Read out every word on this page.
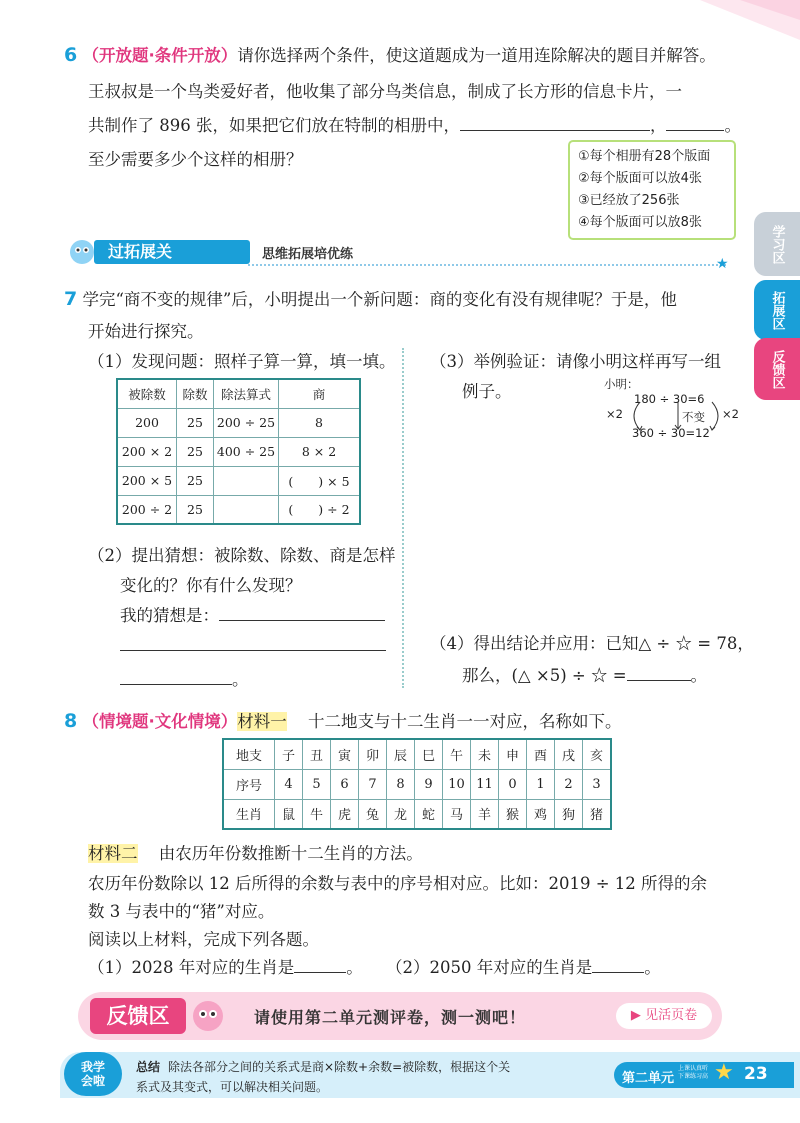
学习区
拓展区
反馈区
6 （开放题·条件开放）请你选择两个条件，使这道题成为一道用连除解决的题目并解答。
王叔叔是一个鸟类爱好者，他收集了部分鸟类信息，制成了长方形的信息卡片，一
共制作了 896 张，如果把它们放在特制的相册中，	，	。
至少需要多少个这样的相册？	①每个相册有28个版面
②每个版面可以放4张
③已经放了256张
④每个版面可以放8张
过拓展关	思维拓展培优练
★
7 学完“商不变的规律”后，小明提出一个新问题：商的变化有没有规律呢？于是，他
开始进行探究。
（1）发现问题：照样子算一算，填一填。
被除数	除数	除法算式	商
200	25	200 ÷ 25	8
200 × 2	25	400 ÷ 25	8 × 2
200 × 5	25		(　　) × 5
200 ÷ 2	25		(　　) ÷ 2
（2）提出猜想：被除数、除数、商是怎样
变化的？你有什么发现？
我的猜想是：
。
（3）举例验证：请像小明这样再写一组
例子。	小明：
180 ÷ 30=6
360 ÷ 30=12
×2	×2
不变
（4）得出结论并应用：已知△ ÷ ☆ = 78，
那么，(△ ×5) ÷ ☆ =	。
8 （情境题·文化情境）材料一 十二地支与十二生肖一一对应，名称如下。
地支	子	丑	寅	卯	辰	巳	午	未	申	酉	戌	亥
序号	4	5	6	7	8	9	10	11	0	1	2	3
生肖	鼠	牛	虎	兔	龙	蛇	马	羊	猴	鸡	狗	猪
材料二 由农历年份数推断十二生肖的方法。
农历年份数除以 12 后所得的余数与表中的序号相对应。比如：2019 ÷ 12 所得的余
数 3 与表中的“猪”对应。
阅读以上材料，完成下列各题。
（1）2028 年对应的生肖是	。 （2）2050 年对应的生肖是	。
反馈区	请使用第二单元测评卷，测一测吧！	▶ 见活页卷
我学会啦
总结 除法各部分之间的关系式是商×除数+余数=被除数，根据这个关
系式及其变式，可以解决相关问题。
第二单元
上课认真听
下课练习高 ★ 23
